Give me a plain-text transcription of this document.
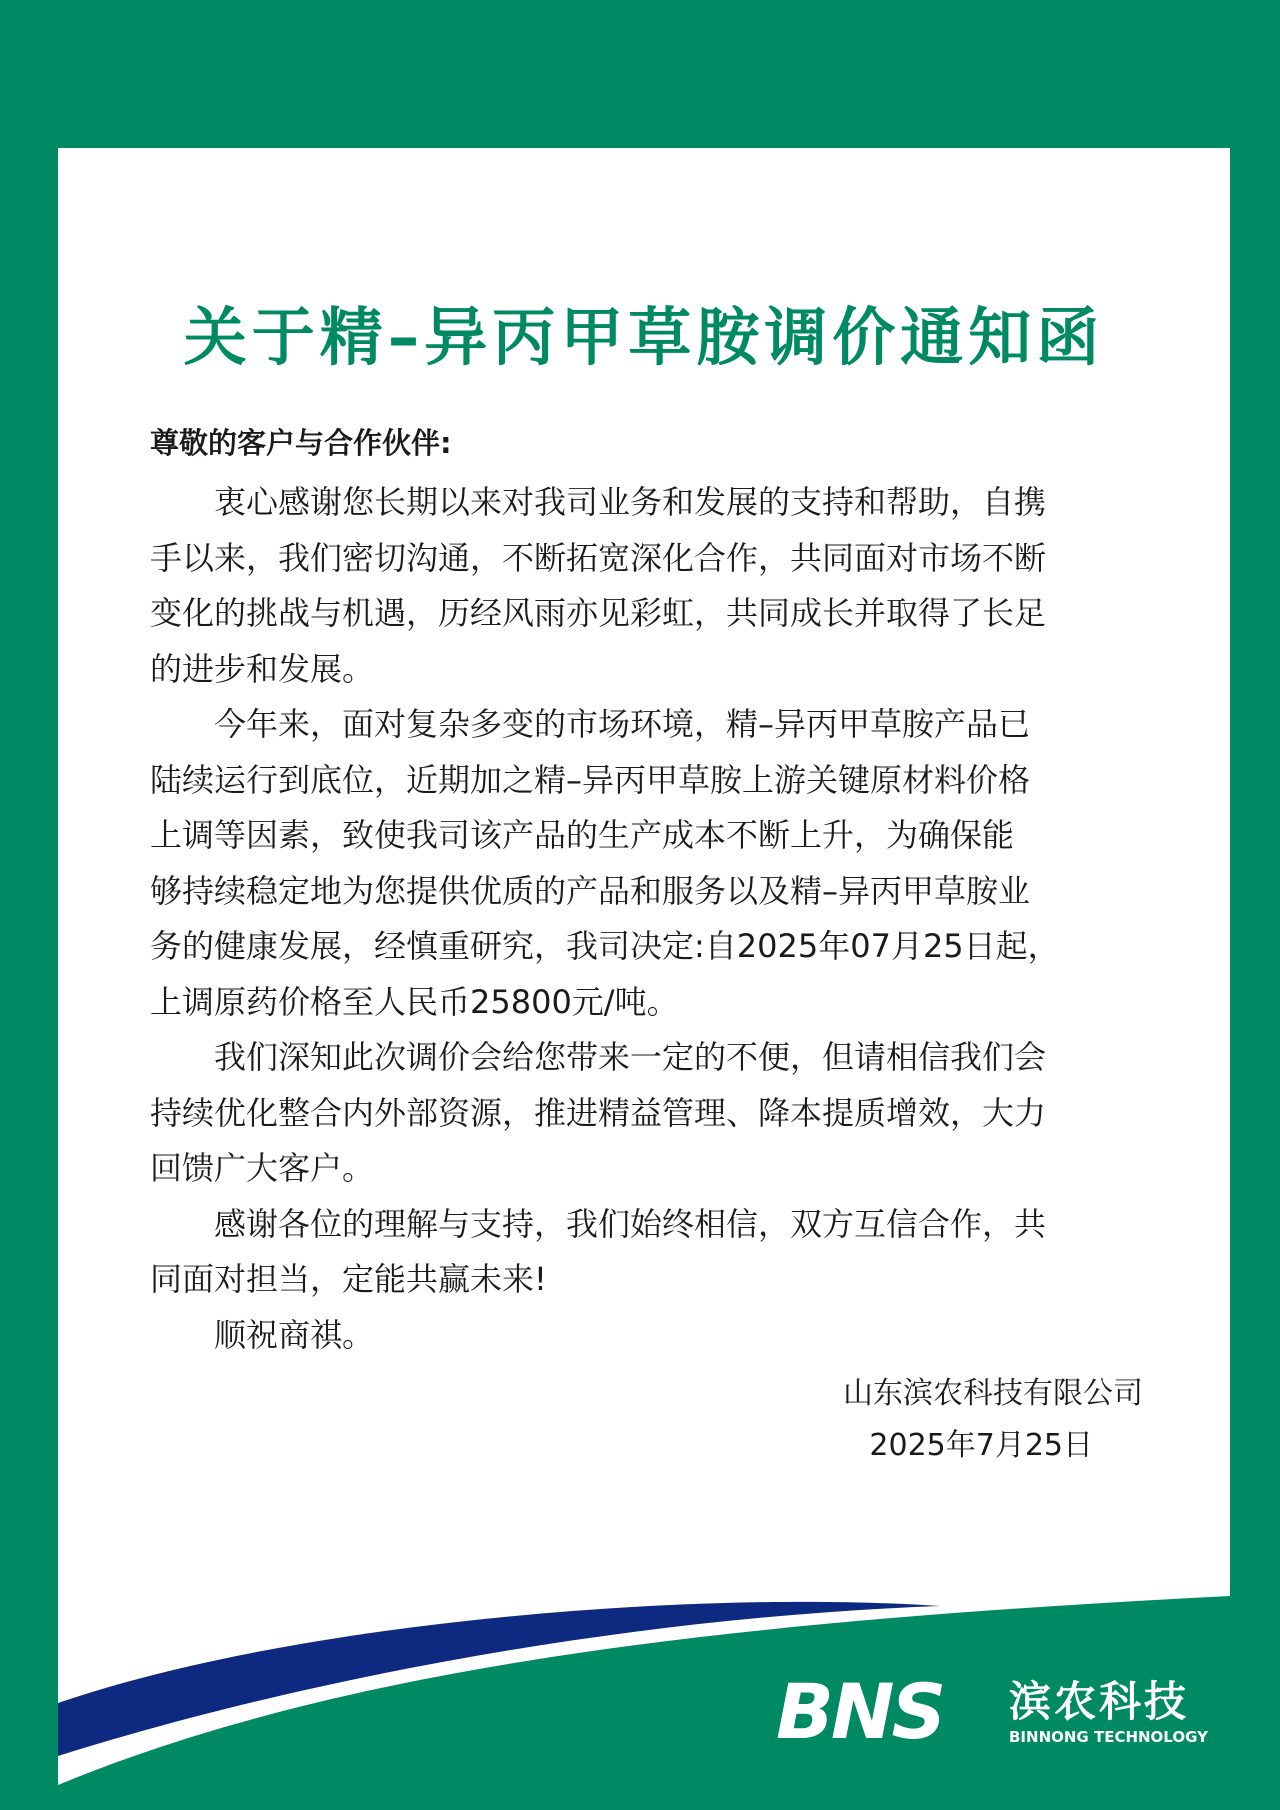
关于精–异丙甲草胺调价通知函
尊敬的客户与合作伙伴:

　　衷心感谢您长期以来对我司业务和发展的支持和帮助，自携
手以来，我们密切沟通，不断拓宽深化合作，共同面对市场不断
变化的挑战与机遇，历经风雨亦见彩虹，共同成长并取得了长足
的进步和发展。

　　今年来，面对复杂多变的市场环境，精–异丙甲草胺产品已
陆续运行到底位，近期加之精–异丙甲草胺上游关键原材料价格
上调等因素，致使我司该产品的生产成本不断上升，为确保能
够持续稳定地为您提供优质的产品和服务以及精–异丙甲草胺业
务的健康发展，经慎重研究，我司决定:自2025年07月25日起，
上调原药价格至人民币25800元/吨。

　　我们深知此次调价会给您带来一定的不便，但请相信我们会
持续优化整合内外部资源，推进精益管理、降本提质增效，大力
回馈广大客户。

　　感谢各位的理解与支持，我们始终相信，双方互信合作，共
同面对担当，定能共赢未来!

　　顺祝商祺。

山东滨农科技有限公司
2025年7月25日
BNS 滨农科技
BINNONG TECHNOLOGY
